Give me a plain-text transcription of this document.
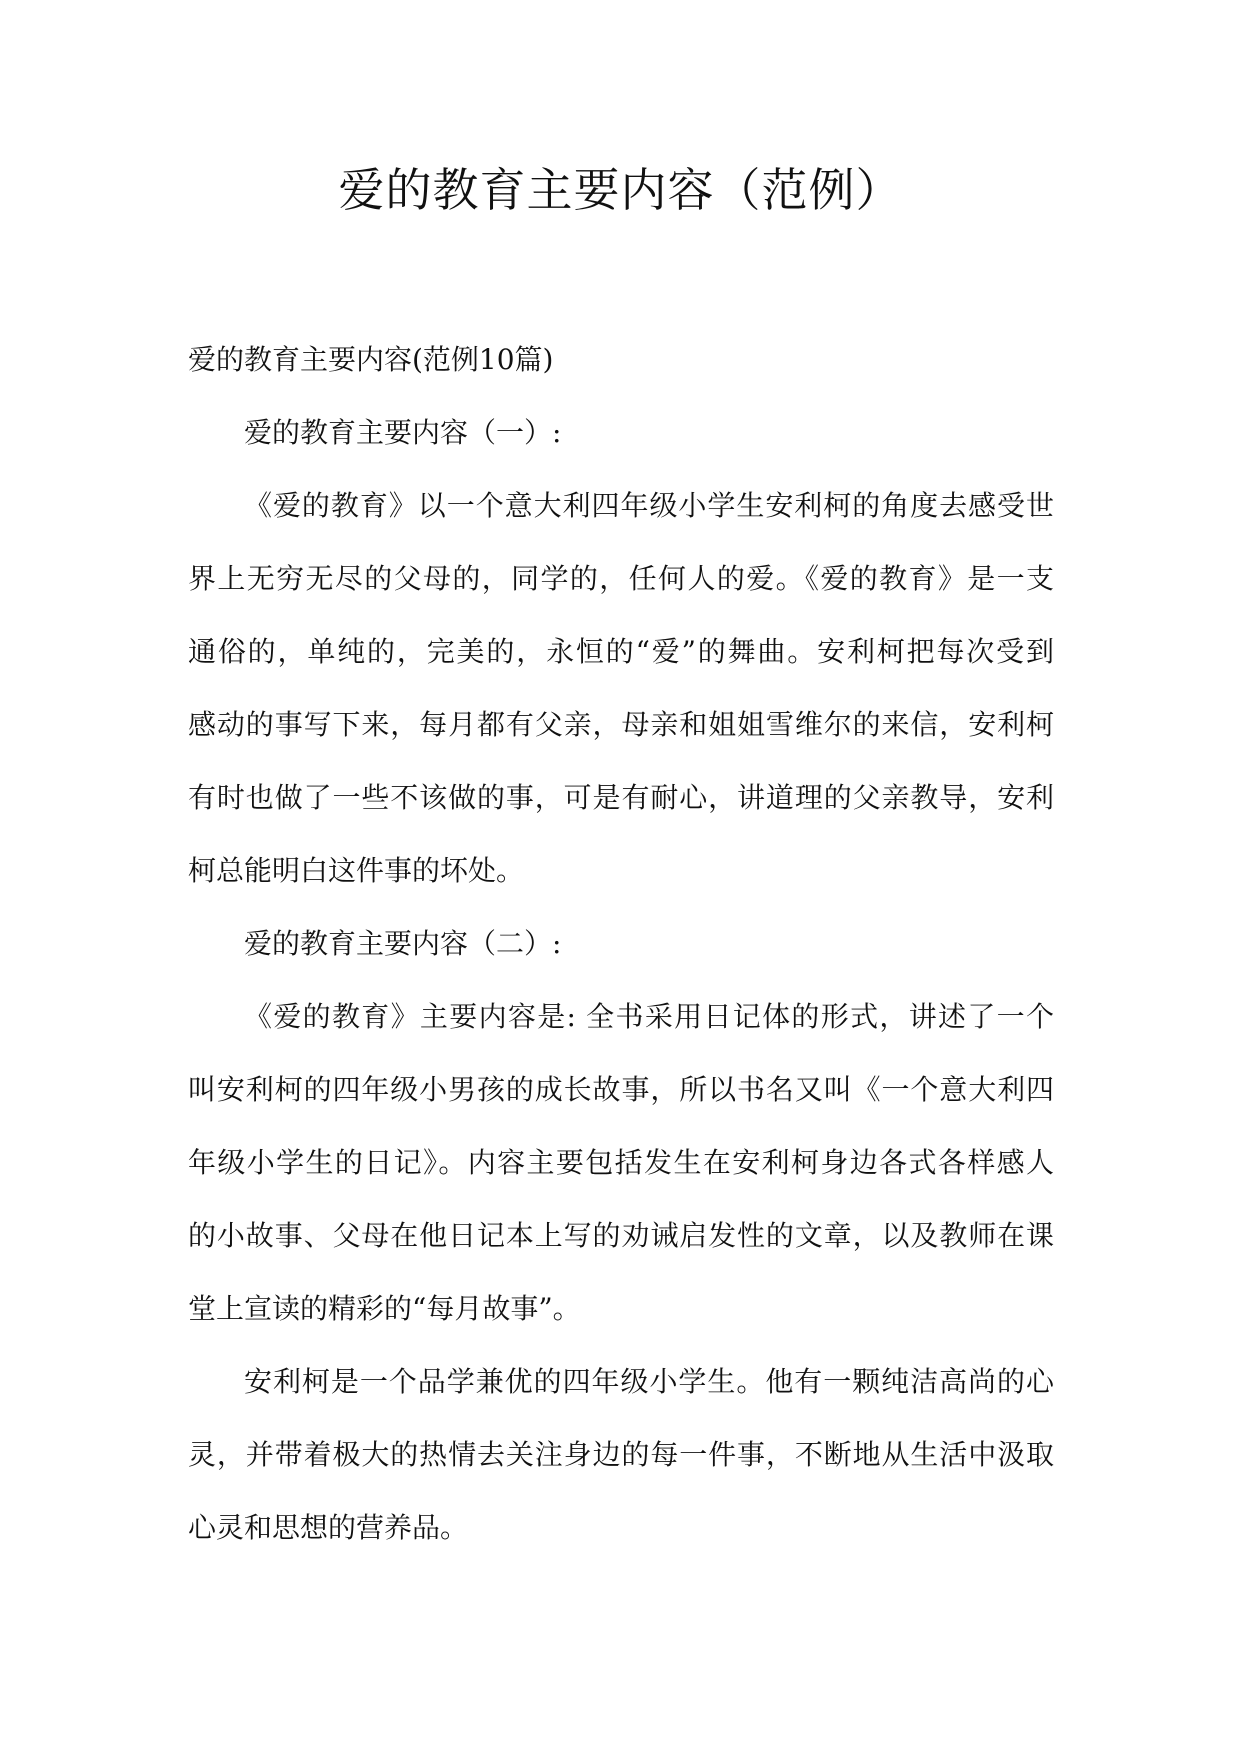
爱的教育主要内容（范例）

爱的教育主要内容(范例10篇)

爱的教育主要内容（一）:

《爱的教育》以一个意大利四年级小学生安利柯的角度去感受世

界上无穷无尽的父母的，同学的，任何人的爱。《爱的教育》是一支

通俗的，单纯的，完美的，永恒的“爱”的舞曲。安利柯把每次受到

感动的事写下来，每月都有父亲，母亲和姐姐雪维尔的来信，安利柯

有时也做了一些不该做的事，可是有耐心，讲道理的父亲教导，安利

柯总能明白这件事的坏处。

爱的教育主要内容（二）:

《爱的教育》主要内容是: 全书采用日记体的形式，讲述了一个

叫安利柯的四年级小男孩的成长故事，所以书名又叫《一个意大利四

年级小学生的日记》。内容主要包括发生在安利柯身边各式各样感人

的小故事、父母在他日记本上写的劝诫启发性的文章，以及教师在课

堂上宣读的精彩的“每月故事”。

安利柯是一个品学兼优的四年级小学生。他有一颗纯洁高尚的心

灵，并带着极大的热情去关注身边的每一件事，不断地从生活中汲取

心灵和思想的营养品。
